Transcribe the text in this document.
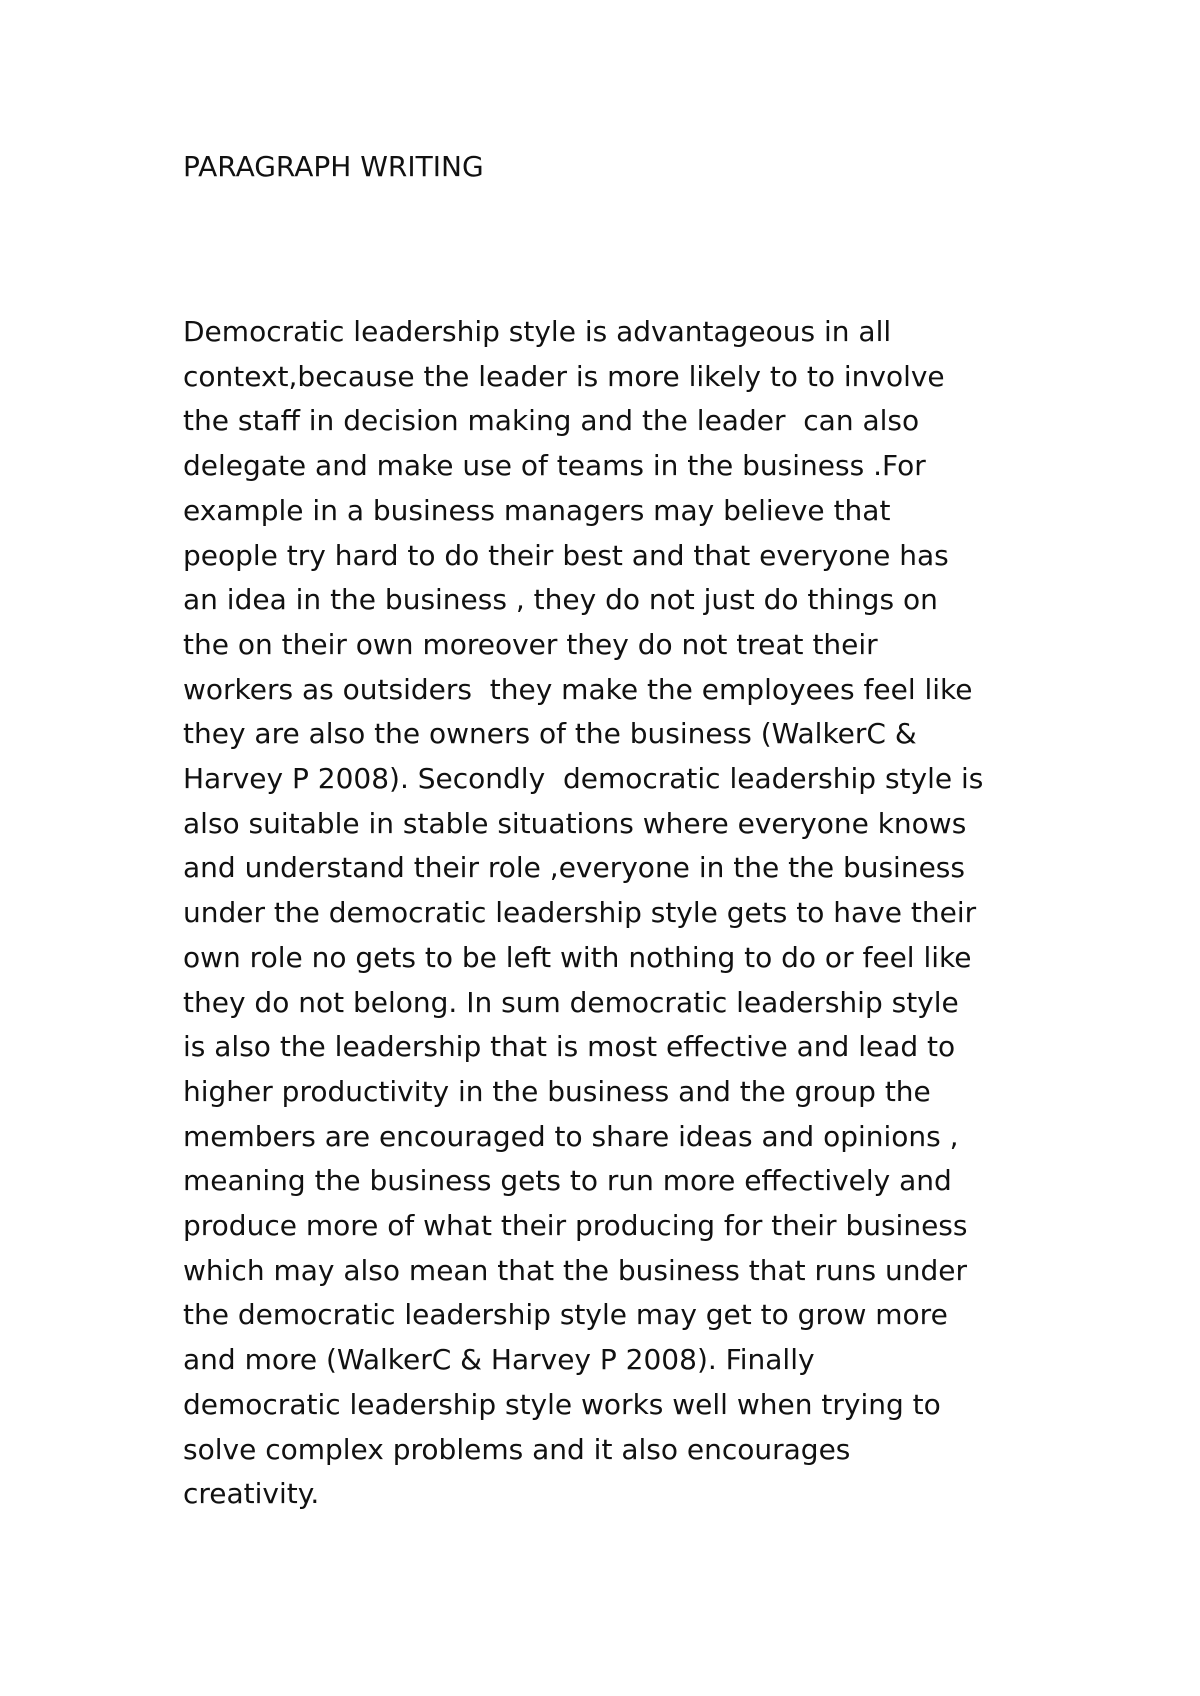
PARAGRAPH WRITING
Democratic leadership style is advantageous in all
context,because the leader is more likely to to involve
the staff in decision making and the leader  can also
delegate and make use of teams in the business .For
example in a business managers may believe that
people try hard to do their best and that everyone has
an idea in the business , they do not just do things on
the on their own moreover they do not treat their
workers as outsiders  they make the employees feel like
they are also the owners of the business (WalkerC &
Harvey P 2008). Secondly  democratic leadership style is
also suitable in stable situations where everyone knows
and understand their role ,everyone in the the business
under the democratic leadership style gets to have their
own role no gets to be left with nothing to do or feel like
they do not belong. In sum democratic leadership style
is also the leadership that is most effective and lead to
higher productivity in the business and the group the
members are encouraged to share ideas and opinions ,
meaning the business gets to run more effectively and
produce more of what their producing for their business
which may also mean that the business that runs under
the democratic leadership style may get to grow more
and more (WalkerC & Harvey P 2008). Finally
democratic leadership style works well when trying to
solve complex problems and it also encourages
creativity.
